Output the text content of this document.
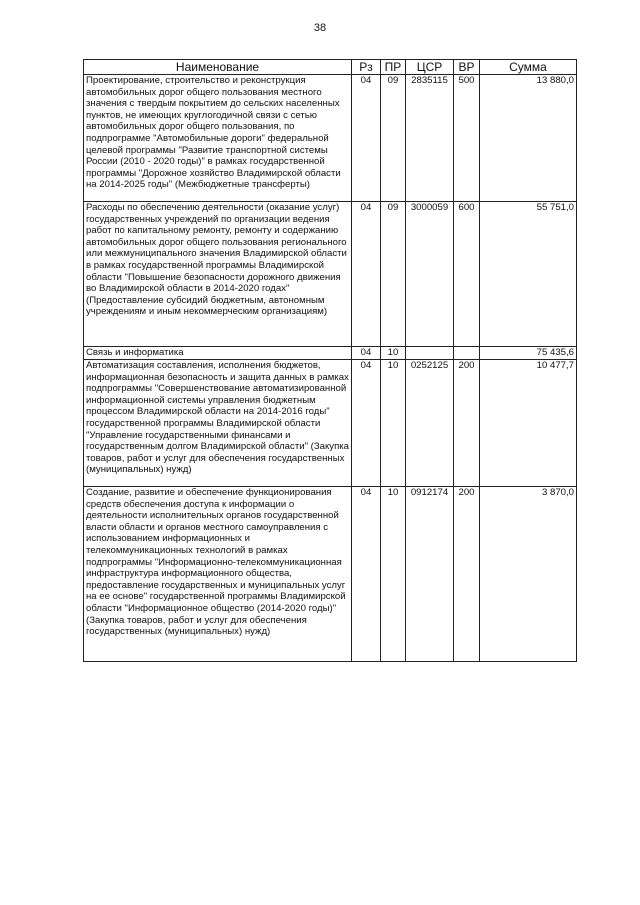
38
Наименование	Рз	ПР	ЦСР	ВР	Сумма
Проектирование, строительство и реконструкция автомобильных дорог общего пользования местного значения с твердым покрытием до сельских населенных пунктов, не имеющих круглогодичной связи с сетью автомобильных дорог общего пользования, по подпрограмме "Автомобильные дороги" федеральной целевой программы "Развитие транспортной системы России (2010 - 2020 годы)" в рамках государственной программы "Дорожное хозяйство Владимирской области на 2014-2025 годы" (Межбюджетные трансферты)	04	09	2835115	500	13 880,0
Расходы по обеспечению деятельности (оказание услуг) государственных учреждений по организации ведения работ по капитальному ремонту, ремонту и содержанию автомобильных дорог общего пользования регионального или межмуниципального значения Владимирской области в рамках государственной программы Владимирской области "Повышение безопасности дорожного движения во Владимирской области в 2014-2020 годах" (Предоставление субсидий бюджетным, автономным учреждениям и иным некоммерческим организациям)	04	09	3000059	600	55 751,0
Связь и информатика	04	10			75 435,6
Автоматизация составления, исполнения бюджетов, информационная безопасность и защита данных в рамках подпрограммы "Совершенствование автоматизированной информационной системы управления бюджетным процессом Владимирской области на 2014-2016 годы" государственной программы Владимирской области "Управление государственными финансами и государственным долгом Владимирской области" (Закупка товаров, работ и услуг для обеспечения государственных (муниципальных) нужд)	04	10	0252125	200	10 477,7
Создание, развитие и обеспечение функционирования средств обеспечения доступа к информации о деятельности исполнительных органов государственной власти области и органов местного самоуправления с использованием информационных и телекоммуникационных технологий в рамках подпрограммы "Информационно-телекоммуникационная инфраструктура информационного общества, предоставление государственных и муниципальных услуг на ее основе" государственной программы Владимирской области "Информационное общество (2014-2020 годы)" (Закупка товаров, работ и услуг для обеспечения государственных (муниципальных) нужд)	04	10	0912174	200	3 870,0
